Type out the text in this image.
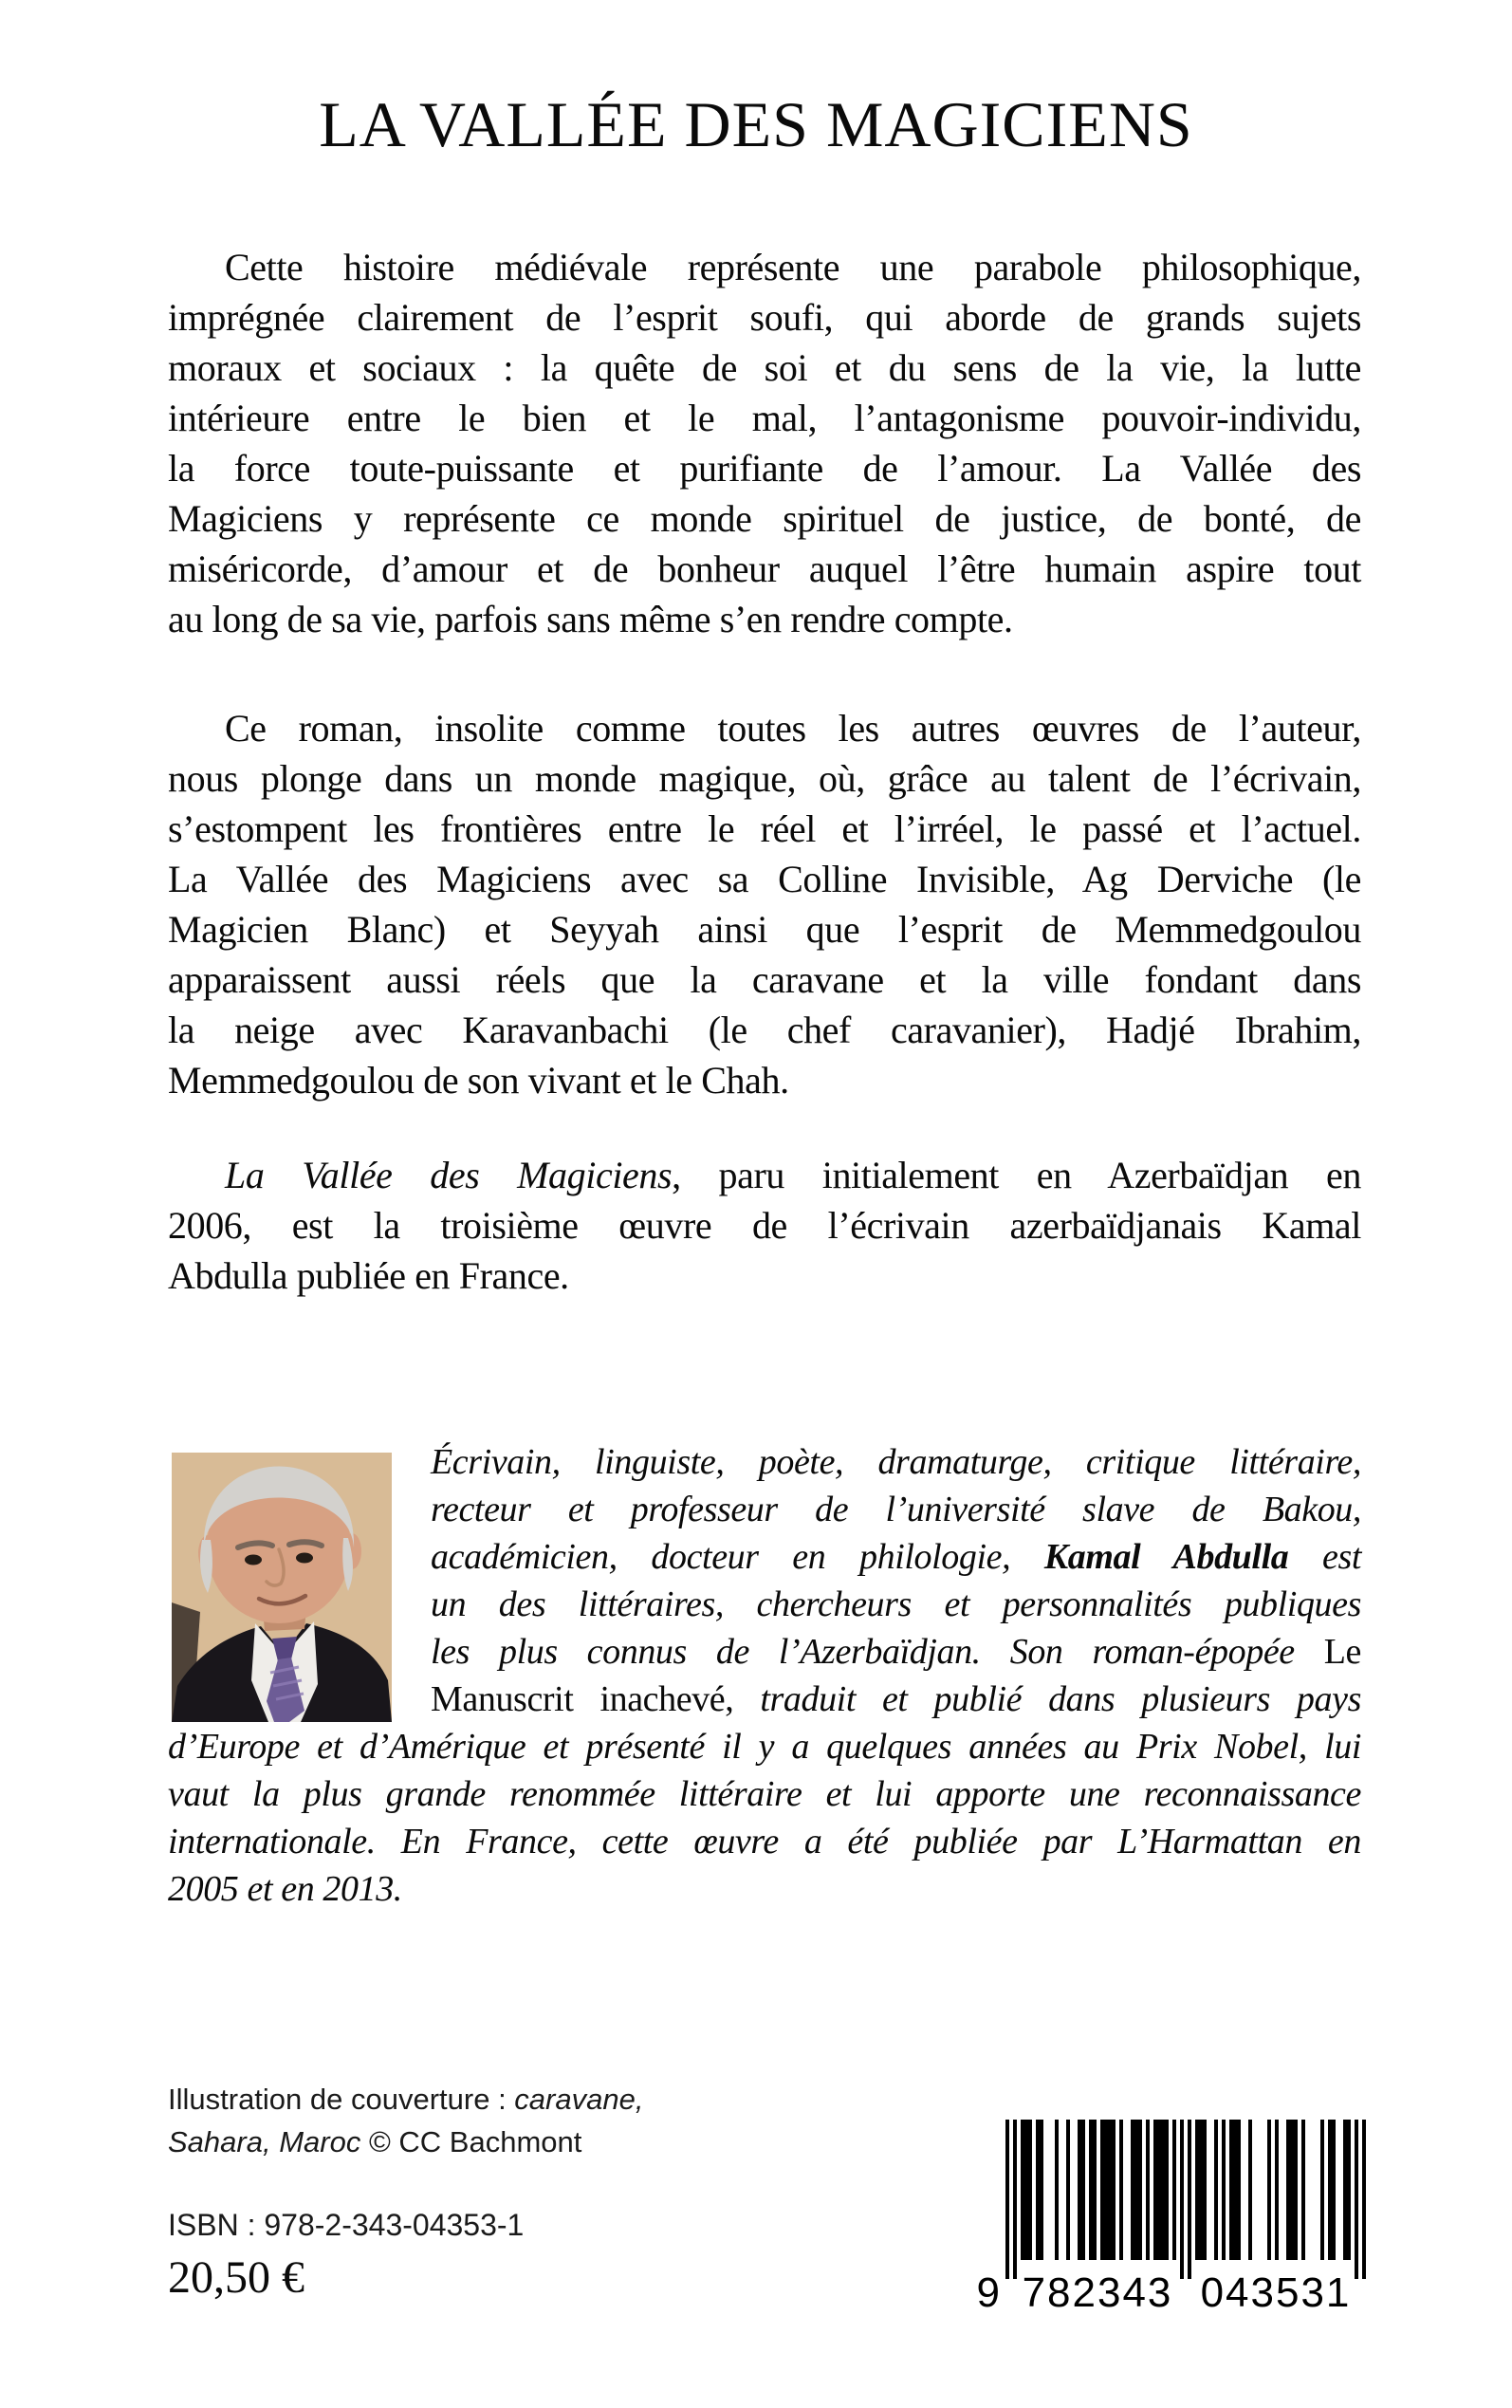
LA VALLÉE DES MAGICIENS
Cette histoire médiévale représente une parabole philosophique,
imprégnée clairement de l’esprit soufi, qui aborde de grands sujets
moraux et sociaux : la quête de soi et du sens de la vie, la lutte
intérieure entre le bien et le mal, l’antagonisme pouvoir-individu,
la force toute-puissante et purifiante de l’amour. La Vallée des
Magiciens y représente ce monde spirituel de justice, de bonté, de
miséricorde, d’amour et de bonheur auquel l’être humain aspire tout
au long de sa vie, parfois sans même s’en rendre compte.
Ce roman, insolite comme toutes les autres œuvres de l’auteur,
nous plonge dans un monde magique, où, grâce au talent de l’écrivain,
s’estompent les frontières entre le réel et l’irréel, le passé et l’actuel.
La Vallée des Magiciens avec sa Colline Invisible, Ag Derviche (le
Magicien Blanc) et Seyyah ainsi que l’esprit de Memmedgoulou
apparaissent aussi réels que la caravane et la ville fondant dans
la neige avec Karavanbachi (le chef caravanier), Hadjé Ibrahim,
Memmedgoulou de son vivant et le Chah.
La Vallée des Magiciens, paru initialement en Azerbaïdjan en
2006, est la troisième œuvre de l’écrivain azerbaïdjanais Kamal
Abdulla publiée en France.
Écrivain, linguiste, poète, dramaturge, critique littéraire,
recteur et professeur de l’université slave de Bakou,
académicien, docteur en philologie, Kamal Abdulla est
un des littéraires, chercheurs et personnalités publiques
les plus connus de l’Azerbaïdjan. Son roman-épopée Le
Manuscrit inachevé, traduit et publié dans plusieurs pays
d’Europe et d’Amérique et présenté il y a quelques années au Prix Nobel, lui
vaut la plus grande renommée littéraire et lui apporte une reconnaissance
internationale. En France, cette œuvre a été publiée par L’Harmattan en
2005 et en 2013.
Illustration de couverture : caravane,
Sahara, Maroc © CC Bachmont
ISBN : 978-2-343-04353-1
20,50 €	9 782343 043531
